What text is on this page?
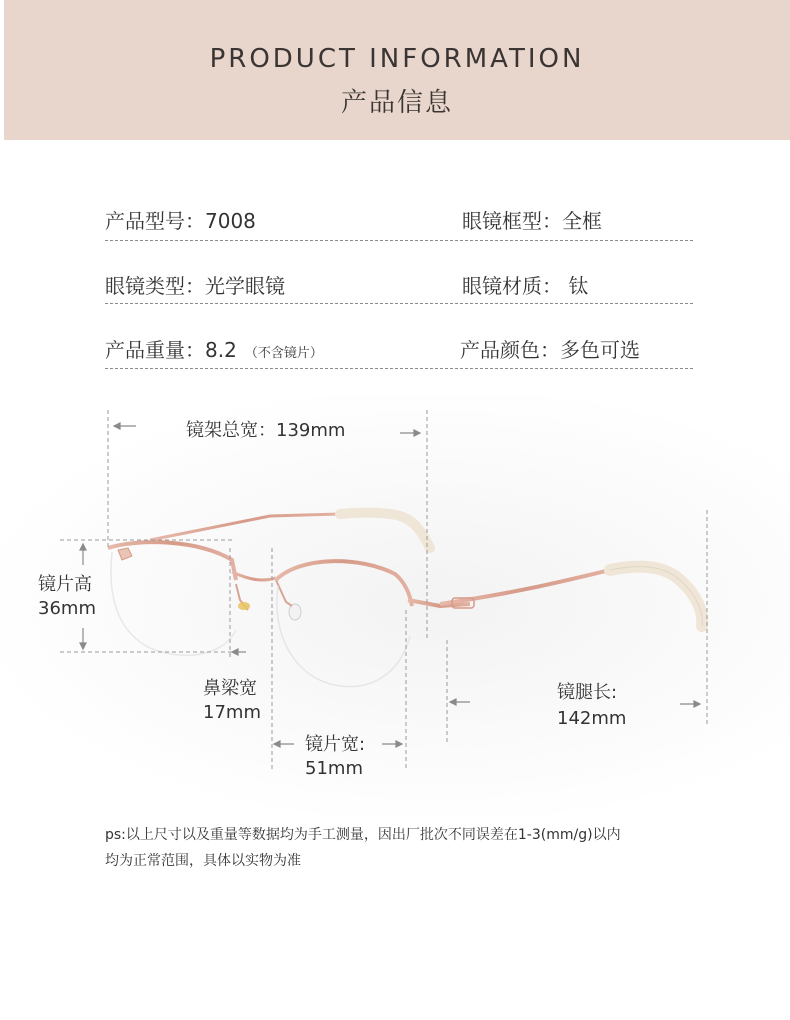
PRODUCT INFORMATION
产品信息
产品型号：7008	眼镜框型：全框
眼镜类型：光学眼镜	眼镜材质： 钛
产品重量：8.2 （不含镜片）	产品颜色：多色可选
镜架总宽：139mm
镜片高
36mm
鼻梁宽
17mm
镜片宽:
51mm
镜腿长:
142mm
ps:以上尺寸以及重量等数据均为手工测量，因出厂批次不同误差在1-3(mm/g)以内
均为正常范围，具体以实物为准
